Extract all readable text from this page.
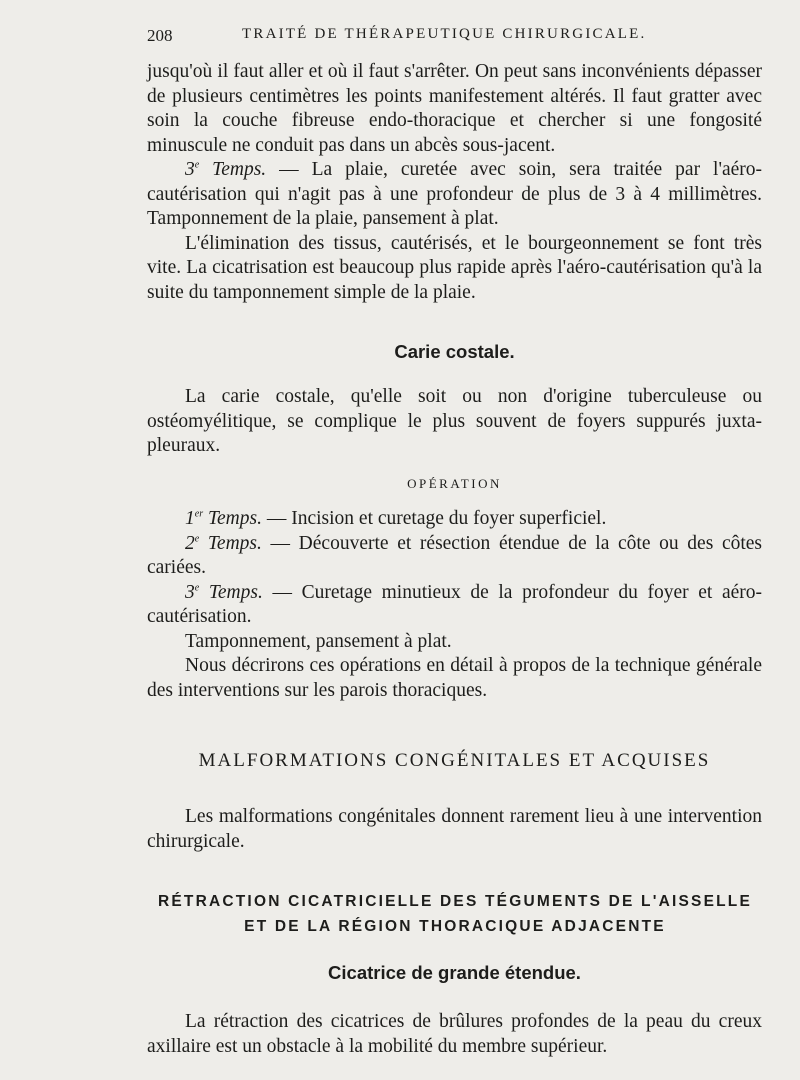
208	TRAITÉ DE THÉRAPEUTIQUE CHIRURGICALE.

jusqu'où il faut aller et où il faut s'arrêter. On peut sans inconvénients dépasser de plusieurs centimètres les points manifestement altérés. Il faut gratter avec soin la couche fibreuse endo-thoracique et chercher si une fongosité minuscule ne conduit pas dans un abcès sous-jacent.

3e Temps. — La plaie, curetée avec soin, sera traitée par l'aéro-cautérisation qui n'agit pas à une profondeur de plus de 3 à 4 millimètres. Tamponnement de la plaie, pansement à plat.

L'élimination des tissus, cautérisés, et le bourgeonnement se font très vite. La cicatrisation est beaucoup plus rapide après l'aéro-cautérisation qu'à la suite du tamponnement simple de la plaie.

Carie costale.

La carie costale, qu'elle soit ou non d'origine tuberculeuse ou ostéomyélitique, se complique le plus souvent de foyers suppurés juxta-pleuraux.

OPÉRATION

1er Temps. — Incision et curetage du foyer superficiel.

2e Temps. — Découverte et résection étendue de la côte ou des côtes cariées.

3e Temps. — Curetage minutieux de la profondeur du foyer et aéro-cautérisation.

Tamponnement, pansement à plat.

Nous décrirons ces opérations en détail à propos de la technique générale des interventions sur les parois thoraciques.

MALFORMATIONS CONGÉNITALES ET ACQUISES

Les malformations congénitales donnent rarement lieu à une intervention chirurgicale.

RÉTRACTION CICATRICIELLE DES TÉGUMENTS DE L'AISSELLE
ET DE LA RÉGION THORACIQUE ADJACENTE
Cicatrice de grande étendue.

La rétraction des cicatrices de brûlures profondes de la peau du creux axillaire est un obstacle à la mobilité du membre supérieur.
